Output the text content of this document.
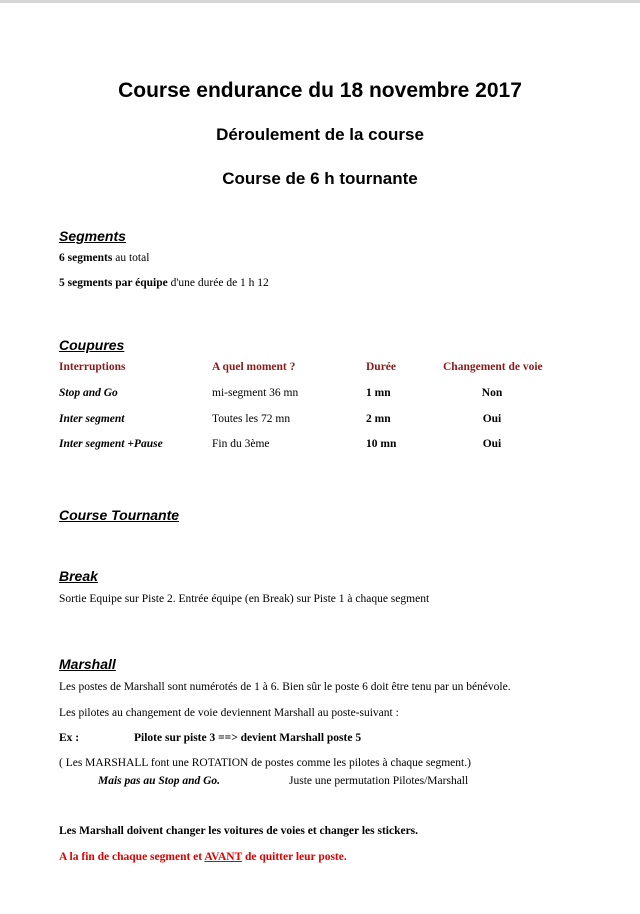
Course endurance du 18 novembre 2017
Déroulement de la course
Course de 6 h tournante
Segments
6 segments au total
5 segments par équipe d'une durée de 1 h 12
Coupures
Interruptions	A quel moment ?	Durée	Changement de voie
Stop and Go	mi-segment 36 mn	1 mn	Non
Inter segment	Toutes les 72 mn	2 mn	Oui
Inter segment +Pause	Fin du 3ème	10 mn	Oui
Course Tournante
Break
Sortie Equipe sur Piste 2. Entrée équipe (en Break) sur Piste 1 à chaque segment
Marshall
Les postes de Marshall sont numérotés de 1 à 6. Bien sûr le poste 6 doit être tenu par un bénévole.
Les pilotes au changement de voie deviennent Marshall au poste-suivant :
Ex :	Pilote sur piste 3 ==> devient Marshall poste 5
( Les MARSHALL font une ROTATION de postes comme les pilotes à chaque segment.)
Mais pas au Stop and Go.	Juste une permutation Pilotes/Marshall
Les Marshall doivent changer les voitures de voies et changer les stickers.
A la fin de chaque segment et AVANT de quitter leur poste.
